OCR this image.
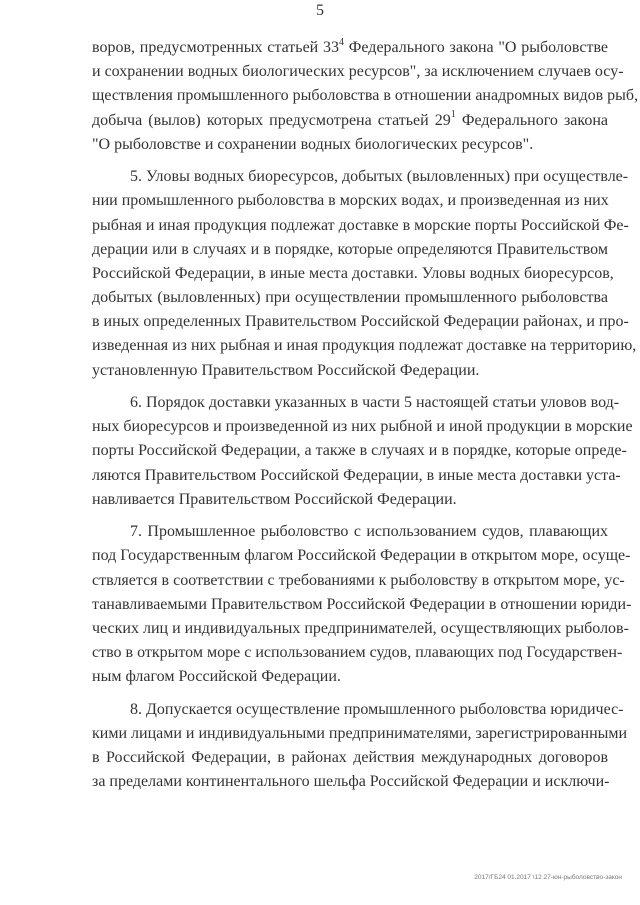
5
воров, предусмотренных статьей $33^4$ Федерального закона "О рыболовстве
и сохранении водных биологических ресурсов", за исключением случаев осу-
ществления промышленного рыболовства в отношении анадромных видов рыб,
добыча (вылов) которых предусмотрена статьей $29^1$ Федерального закона
"О рыболовстве и сохранении водных биологических ресурсов".
5. Уловы водных биоресурсов, добытых (выловленных) при осуществле-
нии промышленного рыболовства в морских водах, и произведенная из них
рыбная и иная продукция подлежат доставке в морские порты Российской Фе-
дерации или в случаях и в порядке, которые определяются Правительством
Российской Федерации, в иные места доставки. Уловы водных биоресурсов,
добытых (выловленных) при осуществлении промышленного рыболовства
в иных определенных Правительством Российской Федерации районах, и про-
изведенная из них рыбная и иная продукция подлежат доставке на территорию,
установленную Правительством Российской Федерации.
6. Порядок доставки указанных в части 5 настоящей статьи уловов вод-
ных биоресурсов и произведенной из них рыбной и иной продукции в морские
порты Российской Федерации, а также в случаях и в порядке, которые опреде-
ляются Правительством Российской Федерации, в иные места доставки уста-
навливается Правительством Российской Федерации.
7. Промышленное рыболовство с использованием судов, плавающих
под Государственным флагом Российской Федерации в открытом море, осуще-
ствляется в соответствии с требованиями к рыболовству в открытом море, ус-
танавливаемыми Правительством Российской Федерации в отношении юриди-
ческих лиц и индивидуальных предпринимателей, осуществляющих рыболов-
ство в открытом море с использованием судов, плавающих под Государствен-
ным флагом Российской Федерации.
8. Допускается осуществление промышленного рыболовства юридичес-
кими лицами и индивидуальными предпринимателями, зарегистрированными
в Российской Федерации, в районах действия международных договоров
за пределами континентального шельфа Российской Федерации и исключи-
2017/ГБ24 01.2017 \12 27-юн-рыболовство-закон
